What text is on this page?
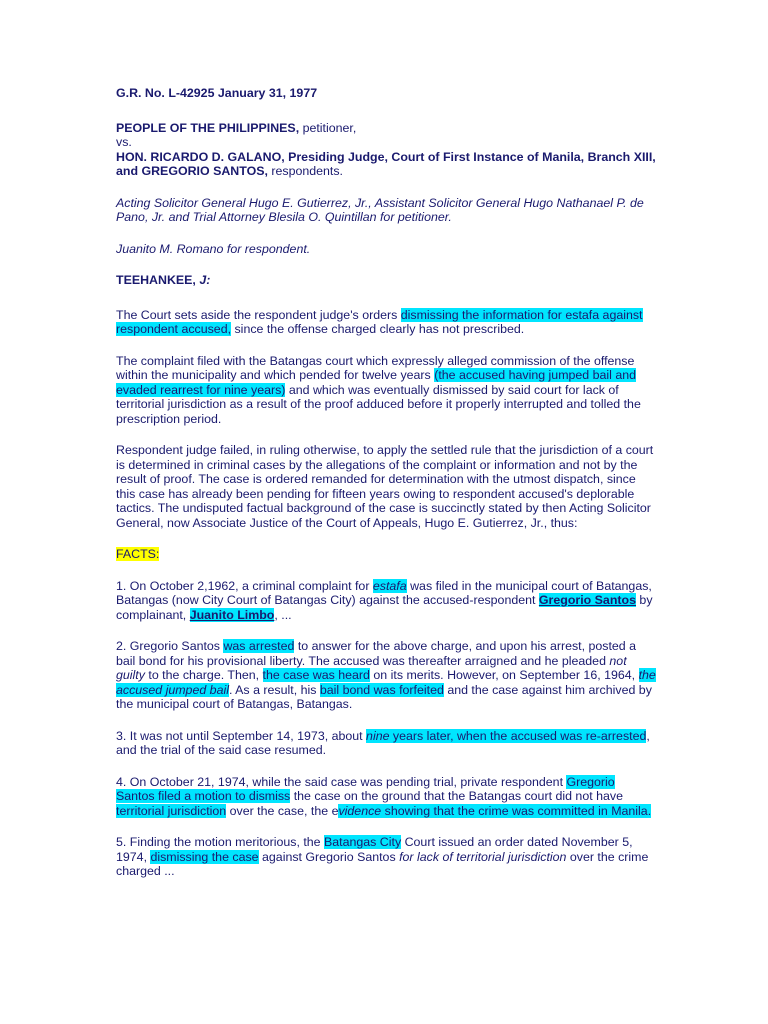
G.R. No. L-42925 January 31, 1977

PEOPLE OF THE PHILIPPINES, petitioner,
vs.
HON. RICARDO D. GALANO, Presiding Judge, Court of First Instance of Manila, Branch XIII, and GREGORIO SANTOS, respondents.

Acting Solicitor General Hugo E. Gutierrez, Jr., Assistant Solicitor General Hugo Nathanael P. de Pano, Jr. and Trial Attorney Blesila O. Quintillan for petitioner.

Juanito M. Romano for respondent.

TEEHANKEE, J:

The Court sets aside the respondent judge's orders dismissing the information for estafa against respondent accused, since the offense charged clearly has not prescribed.

The complaint filed with the Batangas court which expressly alleged commission of the offense within the municipality and which pended for twelve years (the accused having jumped bail and evaded rearrest for nine years) and which was eventually dismissed by said court for lack of territorial jurisdiction as a result of the proof adduced before it properly interrupted and tolled the prescription period.

Respondent judge failed, in ruling otherwise, to apply the settled rule that the jurisdiction of a court is determined in criminal cases by the allegations of the complaint or information and not by the result of proof. The case is ordered remanded for determination with the utmost dispatch, since this case has already been pending for fifteen years owing to respondent accused's deplorable tactics. The undisputed factual background of the case is succinctly stated by then Acting Solicitor General, now Associate Justice of the Court of Appeals, Hugo E. Gutierrez, Jr., thus:

FACTS:

1. On October 2,1962, a criminal complaint for estafa was filed in the municipal court of Batangas, Batangas (now City Court of Batangas City) against the accused-respondent Gregorio Santos by complainant, Juanito Limbo, ...

2. Gregorio Santos was arrested to answer for the above charge, and upon his arrest, posted a bail bond for his provisional liberty. The accused was thereafter arraigned and he pleaded not guilty to the charge. Then, the case was heard on its merits. However, on September 16, 1964, the accused jumped bail. As a result, his bail bond was forfeited and the case against him archived by the municipal court of Batangas, Batangas.

3. It was not until September 14, 1973, about nine years later, when the accused was re-arrested, and the trial of the said case resumed.

4. On October 21, 1974, while the said case was pending trial, private respondent Gregorio Santos filed a motion to dismiss the case on the ground that the Batangas court did not have territorial jurisdiction over the case, the evidence showing that the crime was committed in Manila.

5. Finding the motion meritorious, the Batangas City Court issued an order dated November 5, 1974, dismissing the case against Gregorio Santos for lack of territorial jurisdiction over the crime charged ...
